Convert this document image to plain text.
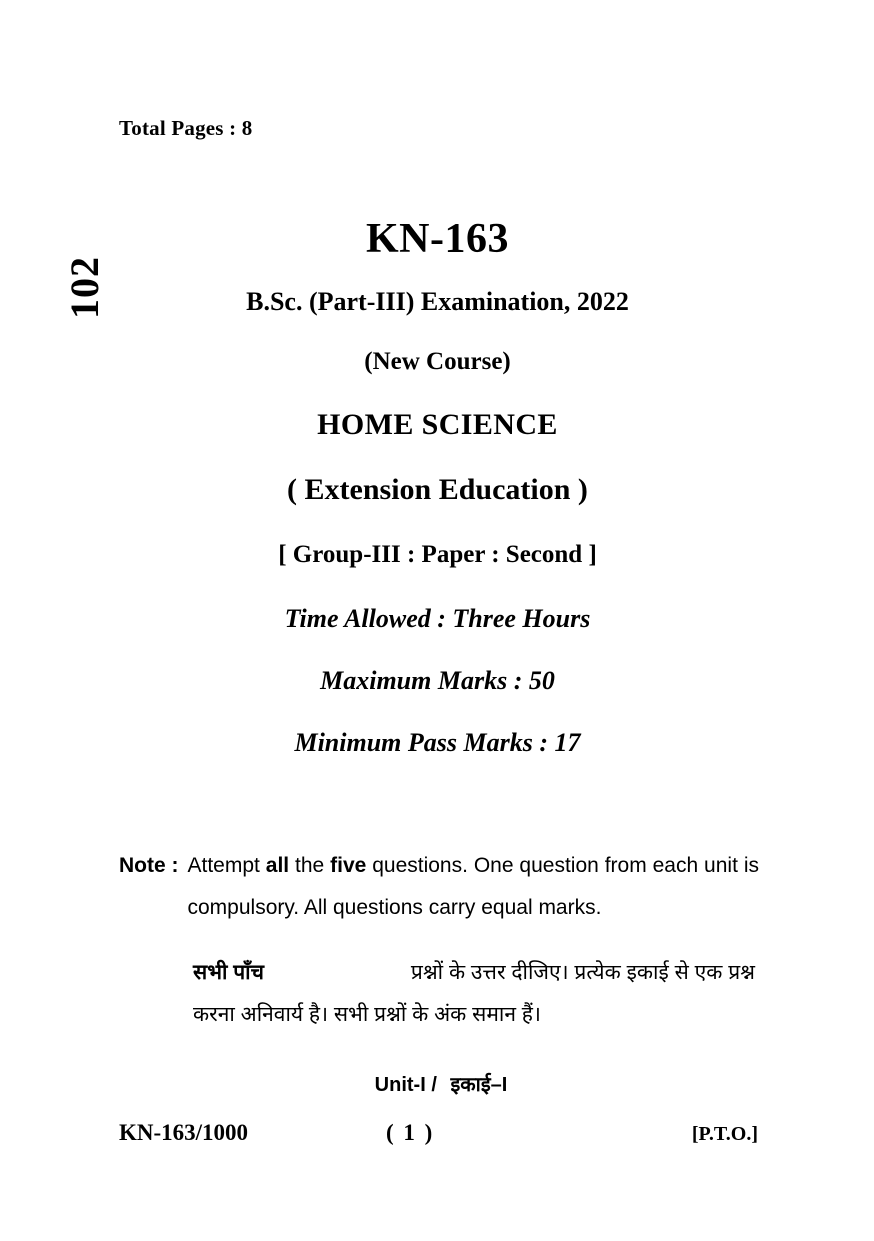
Total Pages : 8
102
KN-163
B.Sc. (Part-III) Examination, 2022
(New Course)
HOME SCIENCE
( Extension Education )
[ Group-III : Paper : Second ]
Time Allowed : Three Hours
Maximum Marks : 50
Minimum Pass Marks : 17
Note : Attempt all the five questions. One question from each unit is compulsory. All questions carry equal marks.
सभी पाँच	प्रश्नों के उत्तर दीजिए। प्रत्येक इकाई से एक प्रश्न
करना अनिवार्य है। सभी प्रश्नों के अंक समान हैं।
Unit-I / इकाई–I
KN-163/1000	( 1 )	[P.T.O.]
